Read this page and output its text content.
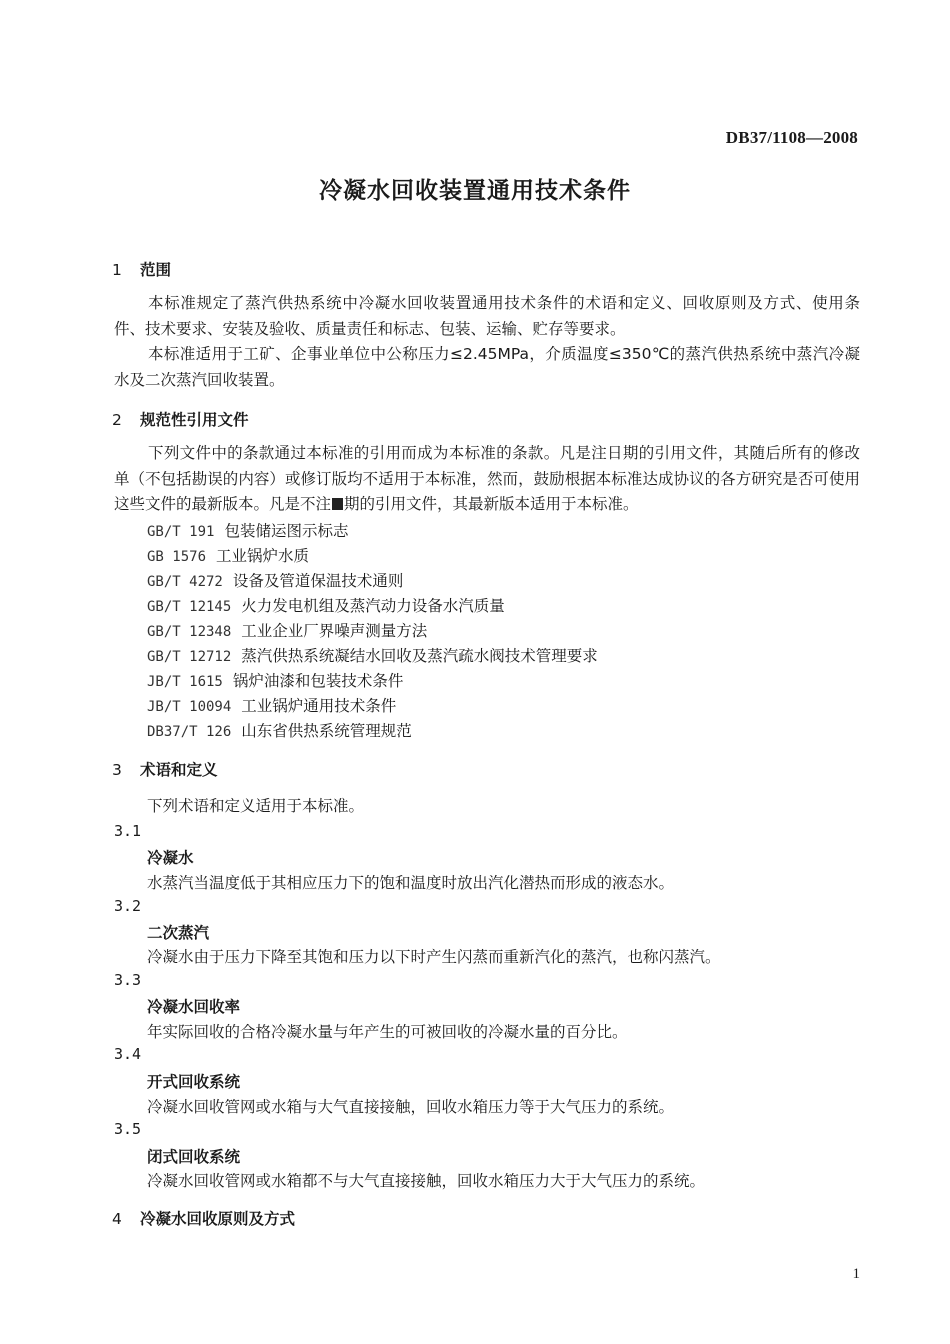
DB37/1108—2008
冷凝水回收装置通用技术条件
1 范围
本标准规定了蒸汽供热系统中冷凝水回收装置通用技术条件的术语和定义、回收原则及方式、使用条件、技术要求、安装及验收、质量责任和标志、包装、运输、贮存等要求。
本标准适用于工矿、企事业单位中公称压力≤2.45MPa，介质温度≤350℃的蒸汽供热系统中蒸汽冷凝水及二次蒸汽回收装置。
2 规范性引用文件
下列文件中的条款通过本标准的引用而成为本标准的条款。凡是注日期的引用文件，其随后所有的修改单（不包括勘误的内容）或修订版均不适用于本标准，然而，鼓励根据本标准达成协议的各方研究是否可使用这些文件的最新版本。凡是不注 期的引用文件，其最新版本适用于本标准。
GB/T 191 包装储运图示标志
GB 1576 工业锅炉水质
GB/T 4272 设备及管道保温技术通则
GB/T 12145 火力发电机组及蒸汽动力设备水汽质量
GB/T 12348 工业企业厂界噪声测量方法
GB/T 12712 蒸汽供热系统凝结水回收及蒸汽疏水阀技术管理要求
JB/T 1615 锅炉油漆和包装技术条件
JB/T 10094 工业锅炉通用技术条件
DB37/T 126 山东省供热系统管理规范
3 术语和定义
下列术语和定义适用于本标准。
3.1
冷凝水
水蒸汽当温度低于其相应压力下的饱和温度时放出汽化潜热而形成的液态水。
3.2
二次蒸汽
冷凝水由于压力下降至其饱和压力以下时产生闪蒸而重新汽化的蒸汽，也称闪蒸汽。
3.3
冷凝水回收率
年实际回收的合格冷凝水量与年产生的可被回收的冷凝水量的百分比。
3.4
开式回收系统
冷凝水回收管网或水箱与大气直接接触，回收水箱压力等于大气压力的系统。
3.5
闭式回收系统
冷凝水回收管网或水箱都不与大气直接接触，回收水箱压力大于大气压力的系统。
4 冷凝水回收原则及方式
1
